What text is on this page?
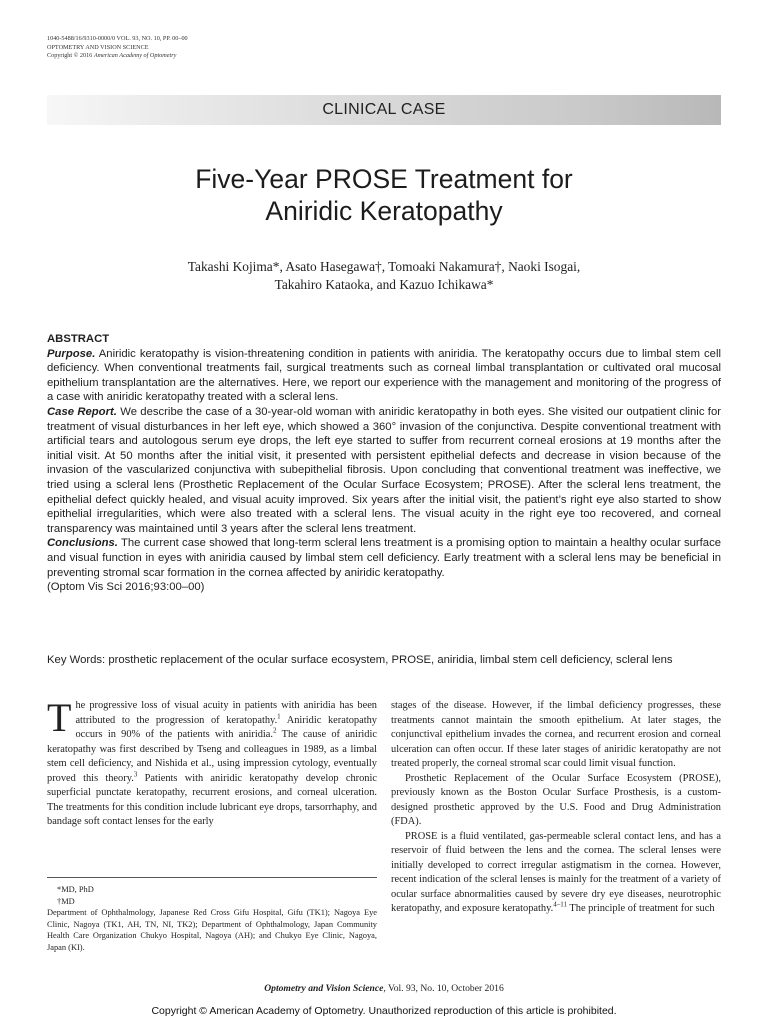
1040-5488/16/9310-0000/0 VOL. 93, NO. 10, PP. 00–00
OPTOMETRY AND VISION SCIENCE
Copyright © 2016 American Academy of Optometry
CLINICAL CASE
Five-Year PROSE Treatment for
Aniridic Keratopathy
Takashi Kojima*, Asato Hasegawa†, Tomoaki Nakamura†, Naoki Isogai,
Takahiro Kataoka, and Kazuo Ichikawa*

ABSTRACT

Purpose. Aniridic keratopathy is vision-threatening condition in patients with aniridia. The keratopathy occurs due to limbal stem cell deficiency. When conventional treatments fail, surgical treatments such as corneal limbal transplantation or cultivated oral mucosal epithelium transplantation are the alternatives. Here, we report our experience with the management and monitoring of the progress of a case with aniridic keratopathy treated with a scleral lens.

Case Report. We describe the case of a 30-year-old woman with aniridic keratopathy in both eyes. She visited our outpatient clinic for treatment of visual disturbances in her left eye, which showed a 360° invasion of the conjunctiva. Despite conventional treatment with artificial tears and autologous serum eye drops, the left eye started to suffer from recurrent corneal erosions at 19 months after the initial visit. At 50 months after the initial visit, it presented with persistent epithelial defects and decrease in vision because of the invasion of the vascularized conjunctiva with subepithelial fibrosis. Upon concluding that conventional treatment was ineffective, we tried using a scleral lens (Prosthetic Replacement of the Ocular Surface Ecosystem; PROSE). After the scleral lens treatment, the epithelial defect quickly healed, and visual acuity improved. Six years after the initial visit, the patient’s right eye also started to show epithelial irregularities, which were also treated with a scleral lens. The visual acuity in the right eye too recovered, and corneal transparency was maintained until 3 years after the scleral lens treatment.

Conclusions. The current case showed that long-term scleral lens treatment is a promising option to maintain a healthy ocular surface and visual function in eyes with aniridia caused by limbal stem cell deficiency. Early treatment with a scleral lens may be beneficial in preventing stromal scar formation in the cornea affected by aniridic keratopathy.

(Optom Vis Sci 2016;93:00–00)

Key Words: prosthetic replacement of the ocular surface ecosystem, PROSE, aniridia, limbal stem cell deficiency, scleral lens

The progressive loss of visual acuity in patients with aniridia has been attributed to the progression of keratopathy.$^1$ Aniridic keratopathy occurs in 90% of the patients with aniridia.$^2$ The cause of aniridic keratopathy was first described by Tseng and colleagues in 1989, as a limbal stem cell deficiency, and Nishida et al., using impression cytology, eventually proved this theory.$^3$ Patients with aniridic keratopathy develop chronic superficial punctate keratopathy, recurrent erosions, and corneal ulceration. The treatments for this condition include lubricant eye drops, tarsorrhaphy, and bandage soft contact lenses for the early

stages of the disease. However, if the limbal deficiency progresses, these treatments cannot maintain the smooth epithelium. At later stages, the conjunctival epithelium invades the cornea, and recurrent erosion and corneal ulceration can often occur. If these later stages of aniridic keratopathy are not treated properly, the corneal stromal scar could limit visual function.

Prosthetic Replacement of the Ocular Surface Ecosystem (PROSE), previously known as the Boston Ocular Surface Prosthesis, is a custom-designed prosthetic approved by the U.S. Food and Drug Administration (FDA).

PROSE is a fluid ventilated, gas-permeable scleral contact lens, and has a reservoir of fluid between the lens and the cornea. The scleral lenses were initially developed to correct irregular astigmatism in the cornea. However, recent indication of the scleral lenses is mainly for the treatment of a variety of ocular surface abnormalities caused by severe dry eye diseases, neurotrophic keratopathy, and exposure keratopathy.$^{4-11}$ The principle of treatment for such

*MD, PhD

†MD

Department of Ophthalmology, Japanese Red Cross Gifu Hospital, Gifu (TK1); Nagoya Eye Clinic, Nagoya (TK1, AH, TN, NI, TK2); Department of Ophthalmology, Japan Community Health Care Organization Chukyo Hospital, Nagoya (AH); and Chukyo Eye Clinic, Nagoya, Japan (KI).

Optometry and Vision Science, Vol. 93, No. 10, October 2016
Copyright © American Academy of Optometry. Unauthorized reproduction of this article is prohibited.
